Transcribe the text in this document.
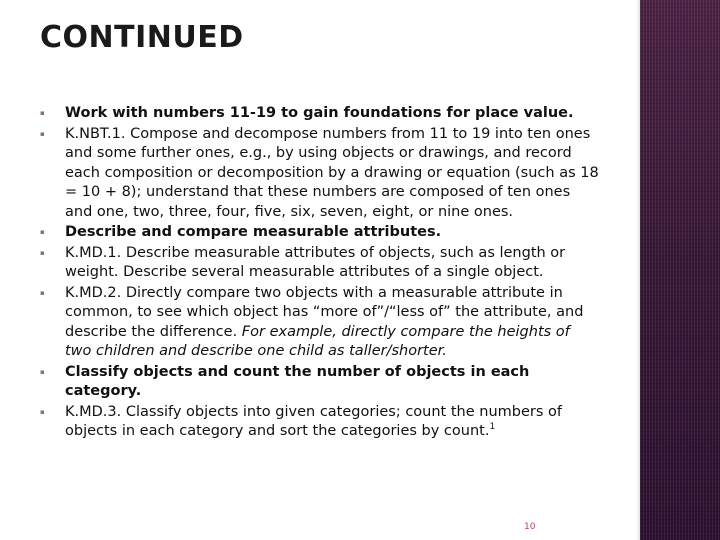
CONTINUED
▪ Work with numbers 11-19 to gain foundations for place value.
▪ K.NBT.1. Compose and decompose numbers from 11 to 19 into ten ones and some further ones, e.g., by using objects or drawings, and record each composition or decomposition by a drawing or equation (such as 18 = 10 + 8); understand that these numbers are composed of ten ones and one, two, three, four, five, six, seven, eight, or nine ones.
▪ Describe and compare measurable attributes.
▪ K.MD.1. Describe measurable attributes of objects, such as length or weight. Describe several measurable attributes of a single object.
▪ K.MD.2. Directly compare two objects with a measurable attribute in common, to see which object has “more of”/“less of” the attribute, and describe the difference. For example, directly compare the heights of two children and describe one child as taller/shorter.
▪ Classify objects and count the number of objects in each category.
▪ K.MD.3. Classify objects into given categories; count the numbers of objects in each category and sort the categories by count.$^1$
10
